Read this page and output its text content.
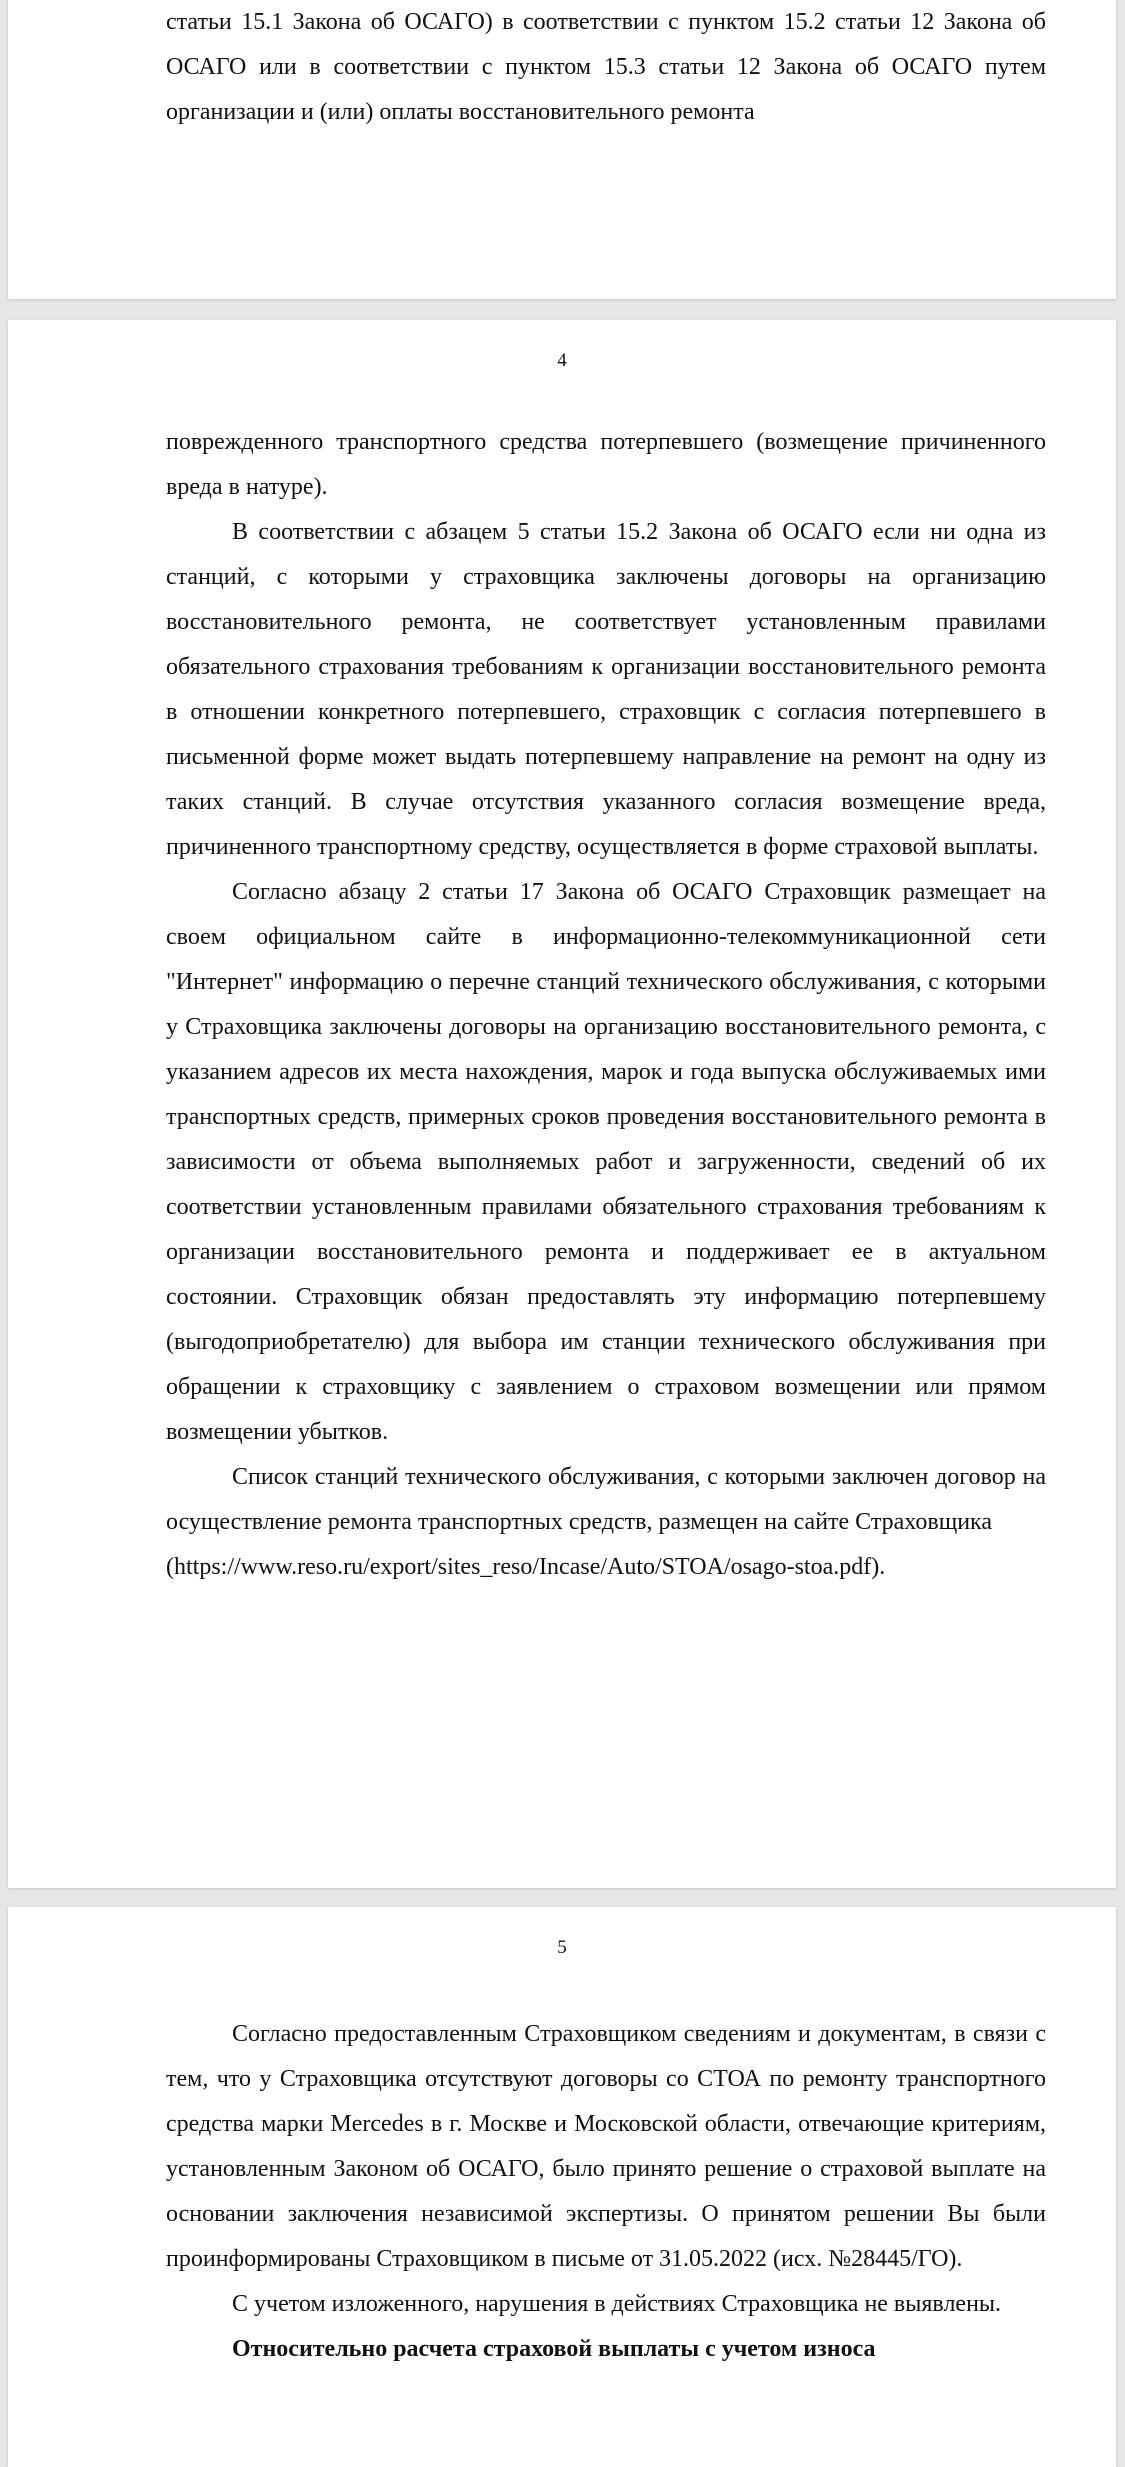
статьи 15.1 Закона об ОСАГО) в соответствии с пунктом 15.2 статьи 12 Закона об ОСАГО или в соответствии с пунктом 15.3 статьи 12 Закона об ОСАГО путем организации и (или) оплаты восстановительного ремонта

4

поврежденного транспортного средства потерпевшего (возмещение причиненного вреда в натуре).

В соответствии с абзацем 5 статьи 15.2 Закона об ОСАГО если ни одна из станций, с которыми у страховщика заключены договоры на организацию восстановительного ремонта, не соответствует установленным правилами обязательного страхования требованиям к организации восстановительного ремонта в отношении конкретного потерпевшего, страховщик с согласия потерпевшего в письменной форме может выдать потерпевшему направление на ремонт на одну из таких станций. В случае отсутствия указанного согласия возмещение вреда, причиненного транспортному средству, осуществляется в форме страховой выплаты.

Согласно абзацу 2 статьи 17 Закона об ОСАГО Страховщик размещает на своем официальном сайте в информационно-телекоммуникационной сети "Интернет" информацию о перечне станций технического обслуживания, с которыми у Страховщика заключены договоры на организацию восстановительного ремонта, с указанием адресов их места нахождения, марок и года выпуска обслуживаемых ими транспортных средств, примерных сроков проведения восстановительного ремонта в зависимости от объема выполняемых работ и загруженности, сведений об их соответствии установленным правилами обязательного страхования требованиям к организации восстановительного ремонта и поддерживает ее в актуальном состоянии. Страховщик обязан предоставлять эту информацию потерпевшему (выгодоприобретателю) для выбора им станции технического обслуживания при обращении к страховщику с заявлением о страховом возмещении или прямом возмещении убытков.

Список станций технического обслуживания, с которыми заключен договор на осуществление ремонта транспортных средств, размещен на сайте Страховщика

(https://www.reso.ru/export/sites_reso/Incase/Auto/STOA/osago-stoa.pdf).

5

Согласно предоставленным Страховщиком сведениям и документам, в связи с тем, что у Страховщика отсутствуют договоры со СТОА по ремонту транспортного средства марки Mercedes в г. Москве и Московской области, отвечающие критериям, установленным Законом об ОСАГО, было принято решение о страховой выплате на основании заключения независимой экспертизы. О принятом решении Вы были проинформированы Страховщиком в письме от 31.05.2022 (исх. №28445/ГО).

С учетом изложенного, нарушения в действиях Страховщика не выявлены.

Относительно расчета страховой выплаты с учетом износа
